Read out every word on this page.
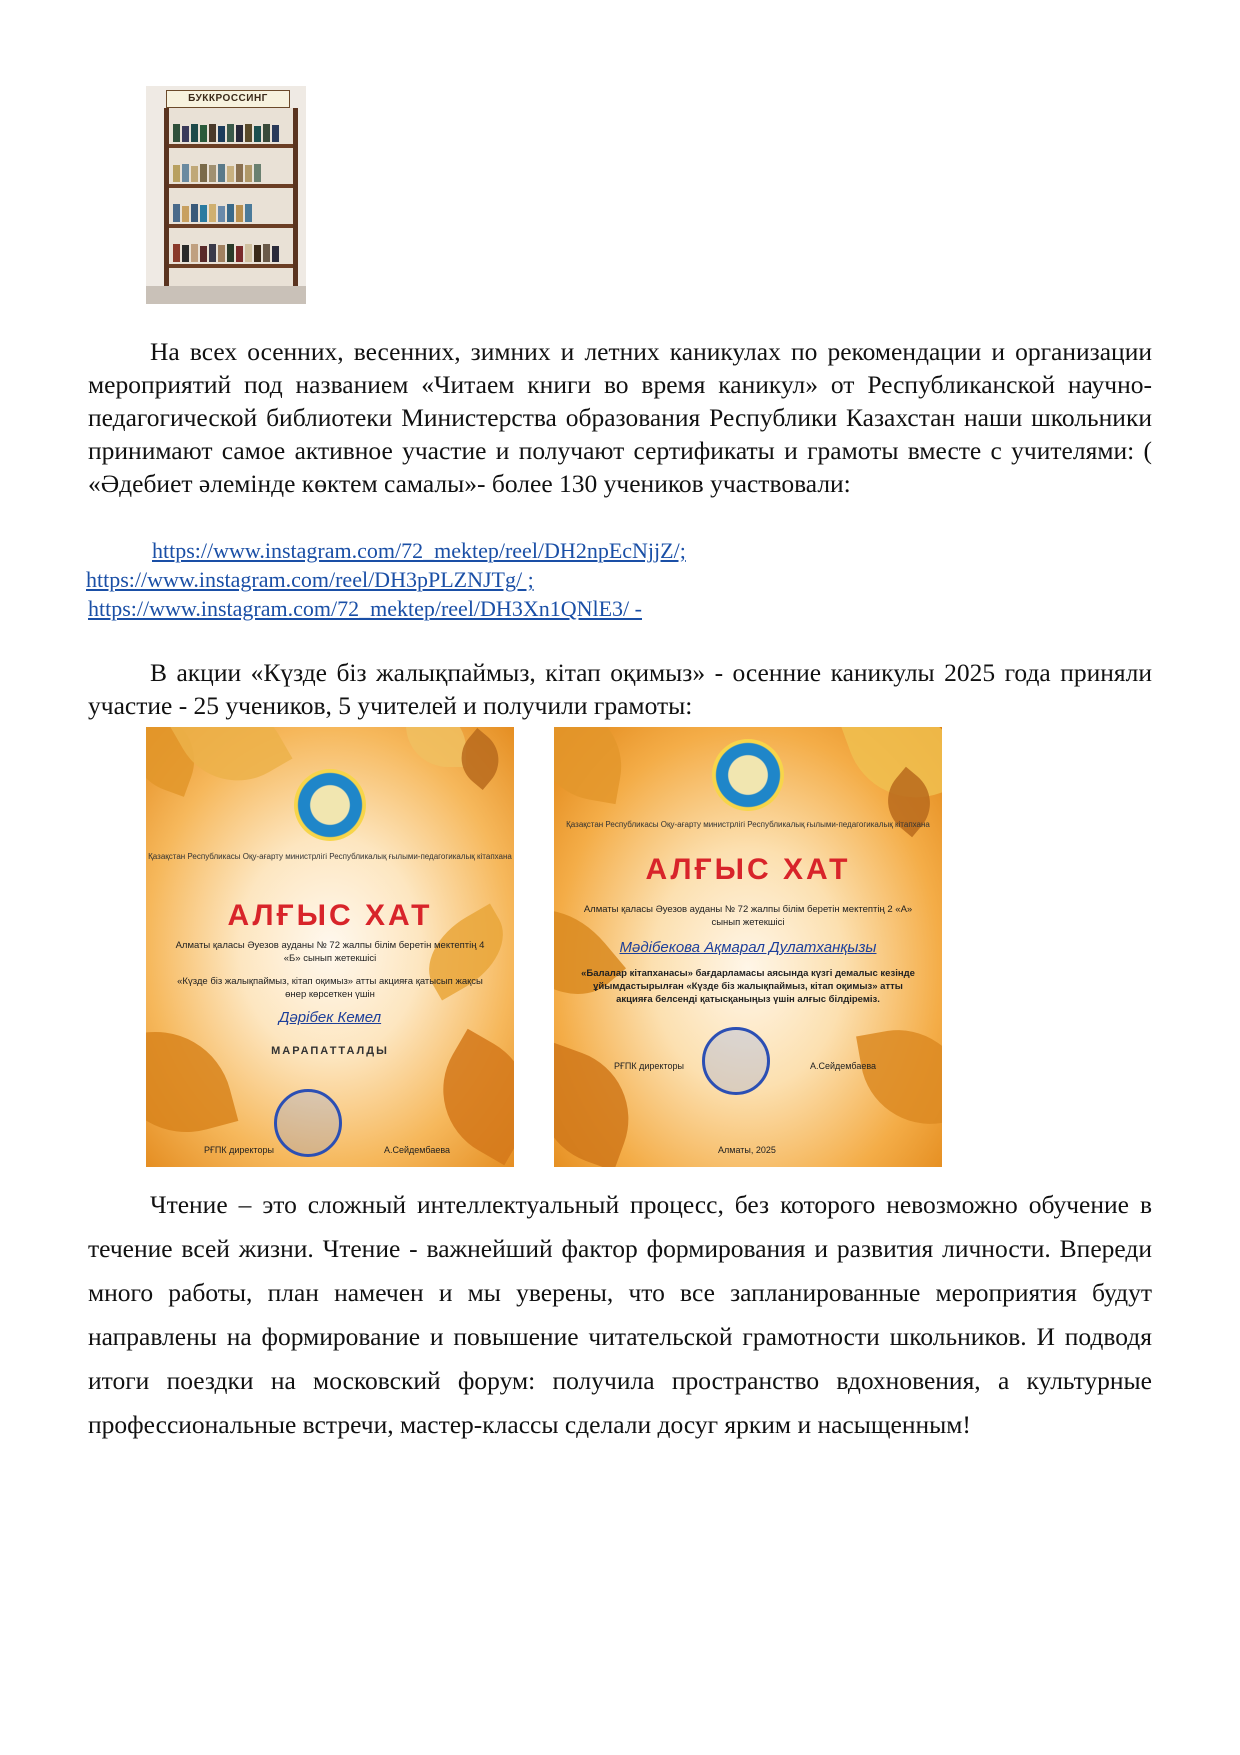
БУККРОССИНГ
На всех осенних, весенних, зимних и летних каникулах по рекомендации и организации мероприятий под названием «Читаем книги во время каникул» от Республиканской научно-педагогической библиотеки Министерства образования Республики Казахстан наши школьники принимают самое активное участие и получают сертификаты и грамоты вместе с учителями: ( «Әдебиет әлемінде көктем самалы»- более 130 учеников участвовали:
https://www.instagram.com/72_mektep/reel/DH2npEcNjjZ/;
https://www.instagram.com/reel/DH3pPLZNJTg/ ;
https://www.instagram.com/72_mektep/reel/DH3Xn1QNlE3/ -
В акции «Күзде біз жалықпаймыз, кітап оқимыз» - осенние каникулы 2025 года приняли участие - 25 учеников, 5 учителей и получили грамоты:
Қазақстан Республикасы Оқу-ағарту министрлігі Республикалық ғылыми-педагогикалық кітапхана
АЛҒЫС ХАТ
Алматы қаласы Әуезов ауданы № 72 жалпы білім беретін мектептің 4 «Б» сынып жетекшісі
«Күзде біз жалықпаймыз, кітап оқимыз» атты акцияға қатысып жақсы өнер көрсеткен үшін
Дәрібек Кемел
МАРАПАТТАЛДЫ
РҒПК директоры	А.Сейдембаева
Қазақстан Республикасы Оқу-ағарту министрлігі Республикалық ғылыми-педагогикалық кітапхана
АЛҒЫС ХАТ
Алматы қаласы Әуезов ауданы № 72 жалпы білім беретін мектептің 2 «А» сынып жетекшісі
Мәдібекова Ақмарал Дулатханқызы
«Балалар кітапханасы» бағдарламасы аясында күзгі демалыс кезінде ұйымдастырылған «Күзде біз жалықпаймыз, кітап оқимыз» атты акцияға белсенді қатысқаныңыз үшін алғыс білдіреміз.
РҒПК директоры	А.Сейдембаева
Алматы, 2025
Чтение – это сложный интеллектуальный процесс, без которого невозможно обучение в течение всей жизни. Чтение - важнейший фактор формирования и развития личности. Впереди много работы, план намечен и мы уверены, что все запланированные мероприятия будут направлены на формирование и повышение читательской грамотности школьников. И подводя итоги поездки на московский форум: получила пространство вдохновения, а культурные профессиональные встречи, мастер-классы сделали досуг ярким и насыщенным!
